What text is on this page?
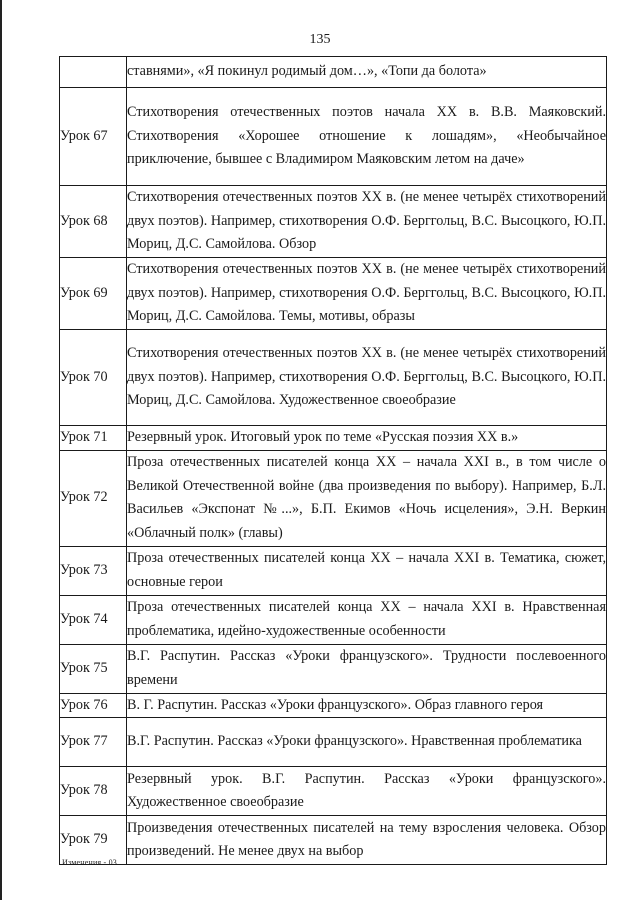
135
	ставнями», «Я покинул родимый дом…», «Топи да болота»
Урок 67	Стихотворения отечественных поэтов начала XX в. В.В. Маяковский. Стихотворения «Хорошее отношение к лошадям», «Необычайное приключение, бывшее с Владимиром Маяковским летом на даче»
Урок 68	Стихотворения отечественных поэтов XX в. (не менее четырёх стихотворений двух поэтов). Например, стихотворения О.Ф. Берггольц, В.С. Высоцкого, Ю.П. Мориц, Д.С. Самойлова. Обзор
Урок 69	Стихотворения отечественных поэтов XX в. (не менее четырёх стихотворений двух поэтов). Например, стихотворения О.Ф. Берггольц, В.С. Высоцкого, Ю.П. Мориц, Д.С. Самойлова. Темы, мотивы, образы
Урок 70	Стихотворения отечественных поэтов XX в. (не менее четырёх стихотворений двух поэтов). Например, стихотворения О.Ф. Берггольц, В.С. Высоцкого, Ю.П. Мориц, Д.С. Самойлова. Художественное своеобразие
Урок 71	Резервный урок. Итоговый урок по теме «Русская поэзия XX в.»
Урок 72	Проза отечественных писателей конца XX – начала XXI в., в том числе о Великой Отечественной войне (два произведения по выбору). Например, Б.Л. Васильев «Экспонат №...», Б.П. Екимов «Ночь исцеления», Э.Н. Веркин «Облачный полк» (главы)
Урок 73	Проза отечественных писателей конца XX – начала XXI в. Тематика, сюжет, основные герои
Урок 74	Проза отечественных писателей конца XX – начала XXI в. Нравственная проблематика, идейно-художественные особенности
Урок 75	В.Г. Распутин. Рассказ «Уроки французского». Трудности послевоенного времени
Урок 76	В. Г. Распутин. Рассказ «Уроки французского». Образ главного героя
Урок 77	В.Г. Распутин. Рассказ «Уроки французского». Нравственная проблематика
Урок 78	Резервный урок. В.Г. Распутин. Рассказ «Уроки французского». Художественное своеобразие
Урок 79	Произведения отечественных писателей на тему взросления человека. Обзор произведений. Не менее двух на выбор
Изменения - 03
